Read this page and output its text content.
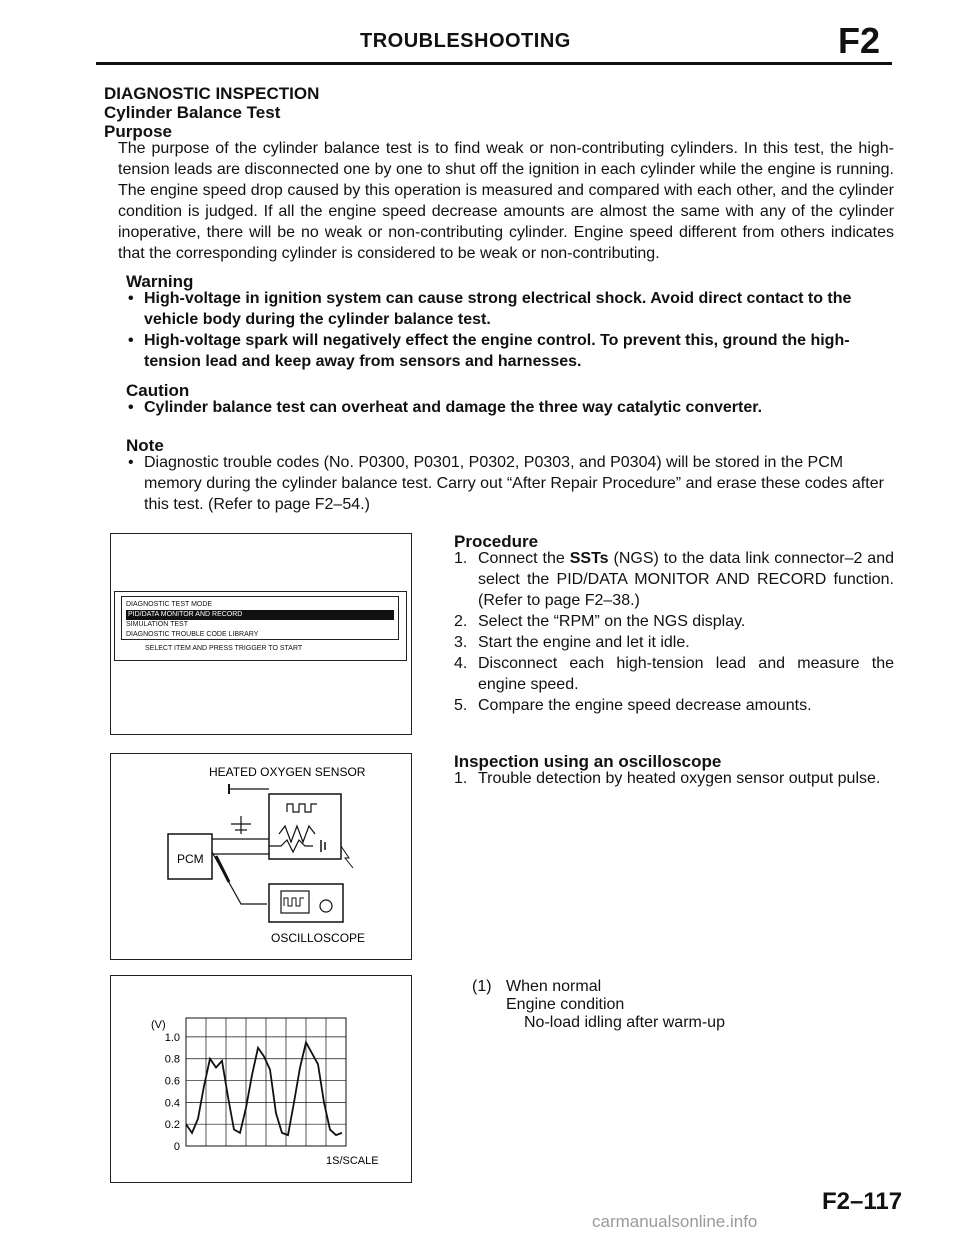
TROUBLESHOOTING	F2
DIAGNOSTIC INSPECTION
Cylinder Balance Test
Purpose
The purpose of the cylinder balance test is to find weak or non-contributing cylinders. In this test, the high-tension leads are disconnected one by one to shut off the ignition in each cylinder while the engine is running. The engine speed drop caused by this operation is measured and compared with each other, and the cylinder condition is judged. If all the engine speed decrease amounts are almost the same with any of the cylinder inoperative, there will be no weak or non-contributing cylinder. Engine speed different from others indicates that the corresponding cylinder is considered to be weak or non-contributing.
Warning
• High-voltage in ignition system can cause strong electrical shock. Avoid direct contact to the vehicle body during the cylinder balance test.
• High-voltage spark will negatively effect the engine control. To prevent this, ground the high-tension lead and keep away from sensors and harnesses.
Caution
• Cylinder balance test can overheat and damage the three way catalytic converter.
Note
• Diagnostic trouble codes (No. P0300, P0301, P0302, P0303, and P0304) will be stored in the PCM memory during the cylinder balance test. Carry out “After Repair Procedure” and erase these codes after this test. (Refer to page F2–54.)
DIAGNOSTIC TEST MODE
PID/DATA MONITOR AND RECORD
SIMULATION TEST
DIAGNOSTIC TROUBLE CODE LIBRARY
SELECT ITEM AND PRESS TRIGGER TO START
Procedure
1. Connect the SSTs (NGS) to the data link connector–2 and select the PID/DATA MONITOR AND RECORD function. (Refer to page F2–38.)
2. Select the “RPM” on the NGS display.
3. Start the engine and let it idle.
4. Disconnect each high-tension lead and measure the engine speed.
5. Compare the engine speed decrease amounts.
HEATED OXYGEN SENSOR
PCM
OSCILLOSCOPE
Inspection using an oscilloscope
1. Trouble detection by heated oxygen sensor output pulse.
(V)
1S/SCALE
1.0
0.8
0.6
0.4
0.2
0
(1) When normal
Engine condition
No-load idling after warm-up
F2–117
carmanualsonline.info
